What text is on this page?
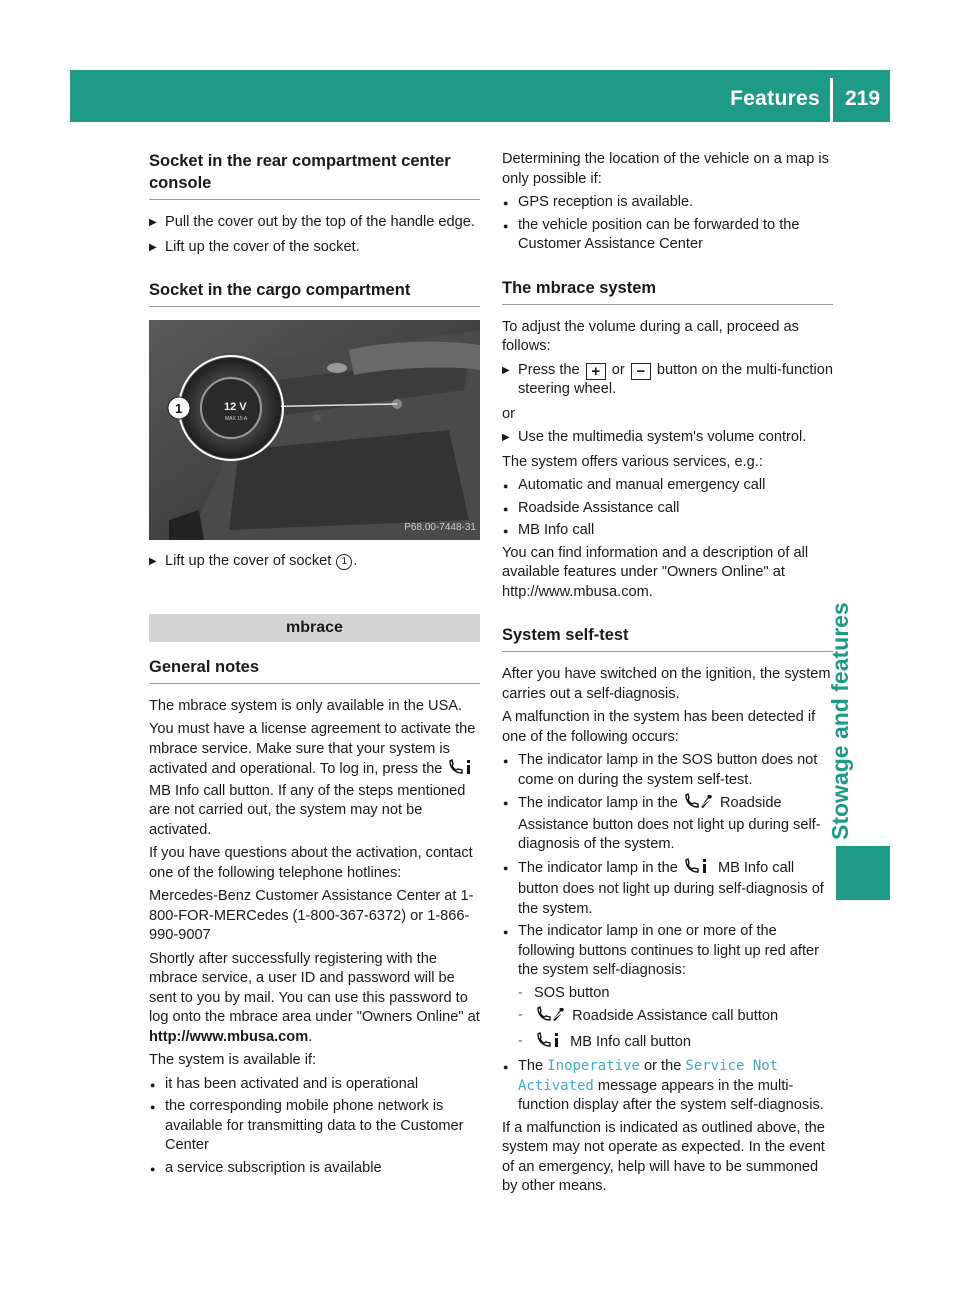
Features	219
Stowage and features
Socket in the rear compartment center console
▶ Pull the cover out by the top of the handle edge.
▶ Lift up the cover of the socket.
Socket in the cargo compartment
12 V
MAX 15 A
1
P68.00-7448-31
▶ Lift up the cover of socket 1 .
mbrace
General notes

The mbrace system is only available in the USA.

You must have a license agreement to activate the mbrace service. Make sure that your system is activated and operational. To log in, press the  MB Info call button. If any of the steps mentioned are not carried out, the system may not be activated.

If you have questions about the activation, contact one of the following telephone hotlines:

Mercedes-Benz Customer Assistance Center at 1-800-FOR-MERCedes (1-800-367-6372) or 1-866-990-9007

Shortly after successfully registering with the mbrace service, a user ID and password will be sent to you by mail. You can use this password to log onto the mbrace area under "Owners Online" at http://www.mbusa.com.

The system is available if:

● it has been activated and is operational
● the corresponding mobile phone network is available for transmitting data to the Customer Center
● a service subscription is available

Determining the location of the vehicle on a map is only possible if:

● GPS reception is available.
● the vehicle position can be forwarded to the Customer Assistance Center
The mbrace system

To adjust the volume during a call, proceed as follows:

▶ Press the + or − button on the multi-function steering wheel.

or

▶ Use the multimedia system's volume control.

The system offers various services, e.g.:

● Automatic and manual emergency call
● Roadside Assistance call
● MB Info call

You can find information and a description of all available features under "Owners Online" at http://www.mbusa.com.

System self-test

After you have switched on the ignition, the system carries out a self-diagnosis.

A malfunction in the system has been detected if one of the following occurs:

● The indicator lamp in the SOS button does not come on during the system self-test.
● The indicator lamp in the	Roadside Assistance button does not light up during self-diagnosis of the system.
● The indicator lamp in the	MB Info call button does not light up during self-diagnosis of the system.
● The indicator lamp in one or more of the following buttons continues to light up red after the system self-diagnosis:
- SOS button
- Roadside Assistance call button
- MB Info call button
● The Inoperative or the Service Not Activated message appears in the multi-function display after the system self-diagnosis.

If a malfunction is indicated as outlined above, the system may not operate as expected. In the event of an emergency, help will have to be summoned by other means.
